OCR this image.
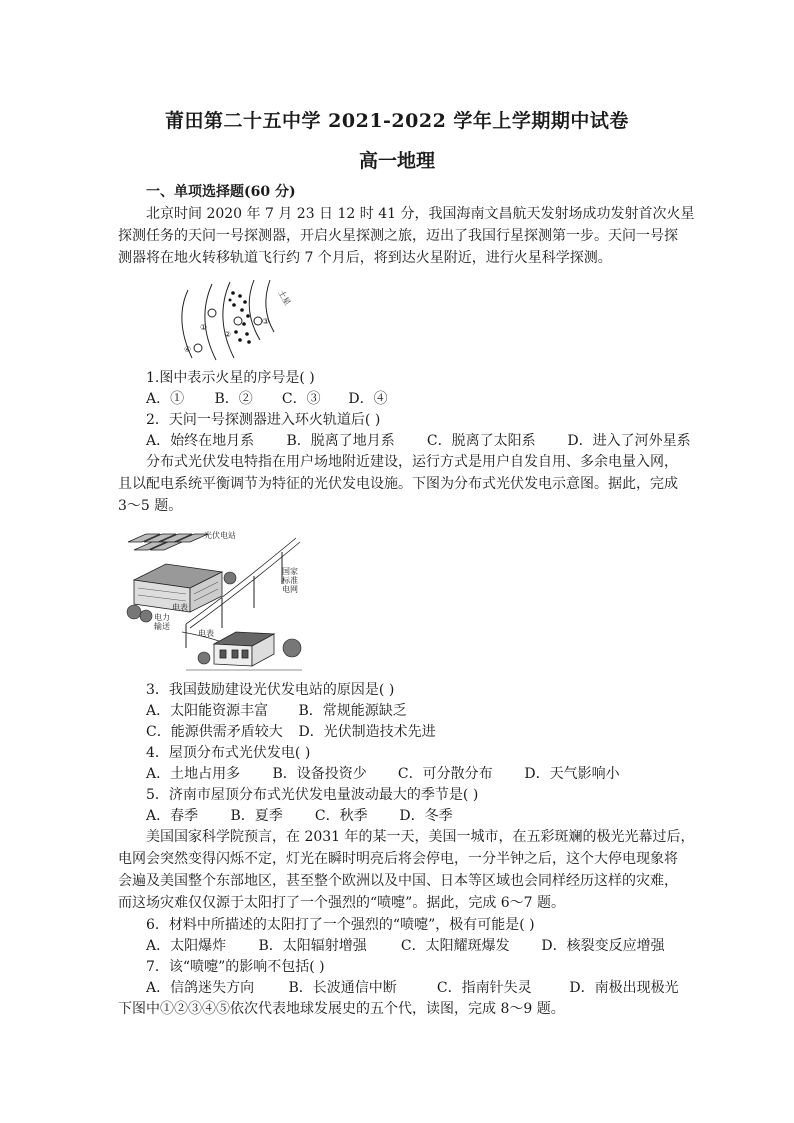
莆田第二十五中学 2021-2022 学年上学期期中试卷
高一地理
一、单项选择题(60 分)
北京时间 2020 年 7 月 23 日 12 时 41 分，我国海南文昌航天发射场成功发射首次火星
探测任务的天问一号探测器，开启火星探测之旅，迈出了我国行星探测第一步。天问一号探
测器将在地火转移轨道飞行约 7 个月后，将到达火星附近，进行火星科学探测。
①
②
③
④
土星
1.图中表示火星的序号是( )
A．① B．② C．③ D．④
2．天问一号探测器进入环火轨道后( )
A．始终在地月系 B．脱离了地月系 C．脱离了太阳系 D．进入了河外星系
分布式光伏发电特指在用户场地附近建设，运行方式是用户自发自用、多余电量入网，
且以配电系统平衡调节为特征的光伏发电设施。下图为分布式光伏发电示意图。据此，完成
3～5 题。
光伏电站
国家
标准
电网
电力
输送
电表
电表
3．我国鼓励建设光伏发电站的原因是( )
A．太阳能资源丰富 B．常规能源缺乏
C．能源供需矛盾较大 D．光伏制造技术先进
4．屋顶分布式光伏发电( )
A．土地占用多 B．设备投资少 C．可分散分布 D．天气影响小
5．济南市屋顶分布式光伏发电量波动最大的季节是( )
A．春季 B．夏季 C．秋季 D．冬季
美国国家科学院预言，在 2031 年的某一天，美国一城市，在五彩斑斓的极光光幕过后，
电网会突然变得闪烁不定，灯光在瞬时明亮后将会停电，一分半钟之后，这个大停电现象将
会遍及美国整个东部地区，甚至整个欧洲以及中国、日本等区域也会同样经历这样的灾难，
而这场灾难仅仅源于太阳打了一个强烈的“喷嚏”。据此，完成 6～7 题。
6．材料中所描述的太阳打了一个强烈的“喷嚏”，极有可能是( )
A．太阳爆炸 B．太阳辐射增强 C．太阳耀斑爆发 D．核裂变反应增强
7．该“喷嚏”的影响不包括( )
A．信鸽迷失方向 B．长波通信中断	C．指南针失灵	D．南极出现极光
下图中①②③④⑤依次代表地球发展史的五个代，读图，完成 8～9 题。
